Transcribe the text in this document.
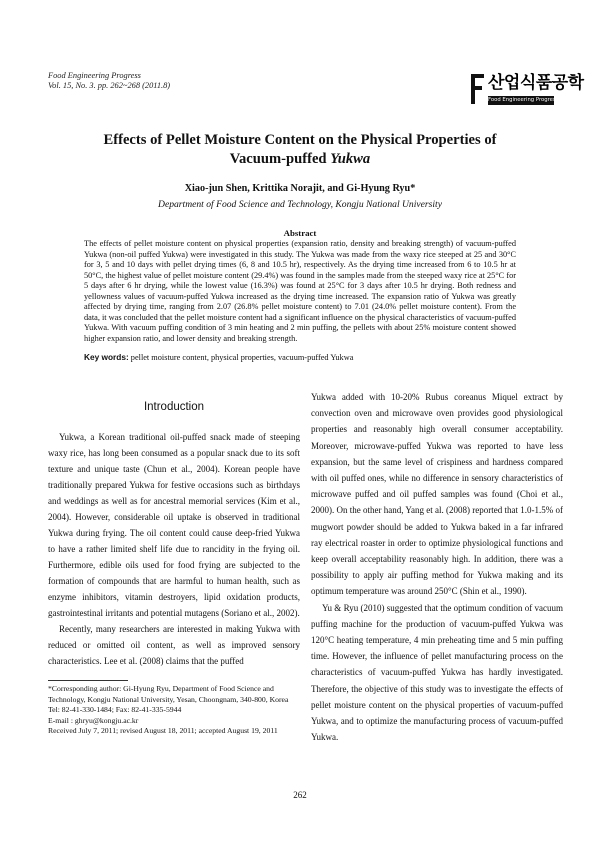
Food Engineering Progress
Vol. 15, No. 3. pp. 262~268 (2011.8)	산업식품공학
Food Engineering Progress
Effects of Pellet Moisture Content on the Physical Properties of
Vacuum-puffed Yukwa
Xiao-jun Shen, Krittika Norajit, and Gi-Hyung Ryu*
Department of Food Science and Technology, Kongju National University
Abstract
The effects of pellet moisture content on physical properties (expansion ratio, density and breaking strength) of vacuum-puffed Yukwa (non-oil puffed Yukwa) were investigated in this study. The Yukwa was made from the waxy rice steeped at 25 and 30°C for 3, 5 and 10 days with pellet drying times (6, 8 and 10.5 hr), respectively. As the drying time increased from 6 to 10.5 hr at 50°C, the highest value of pellet moisture content (29.4%) was found in the samples made from the steeped waxy rice at 25°C for 5 days after 6 hr drying, while the lowest value (16.3%) was found at 25°C for 3 days after 10.5 hr drying. Both redness and yellowness values of vacuum-puffed Yukwa increased as the drying time increased. The expansion ratio of Yukwa was greatly affected by drying time, ranging from 2.07 (26.8% pellet moisture content) to 7.01 (24.0% pellet moisture content). From the data, it was concluded that the pellet moisture content had a significant influence on the physical characteristics of vacuum-puffed Yukwa. With vacuum puffing condition of 3 min heating and 2 min puffing, the pellets with about 25% moisture content showed higher expansion ratio, and lower density and breaking strength.
Key words: pellet moisture content, physical properties, vacuum-puffed Yukwa
Introduction

Yukwa, a Korean traditional oil-puffed snack made of steeping waxy rice, has long been consumed as a popular snack due to its soft texture and unique taste (Chun et al., 2004). Korean people have traditionally prepared Yukwa for festive occasions such as birthdays and weddings as well as for ancestral memorial services (Kim et al., 2004). However, considerable oil uptake is observed in traditional Yukwa during frying. The oil content could cause deep-fried Yukwa to have a rather limited shelf life due to rancidity in the frying oil. Furthermore, edible oils used for food frying are subjected to the formation of compounds that are harmful to human health, such as enzyme inhibitors, vitamin destroyers, lipid oxidation products, gastrointestinal irritants and potential mutagens (Soriano et al., 2002).

Recently, many researchers are interested in making Yukwa with reduced or omitted oil content, as well as improved sensory characteristics. Lee et al. (2008) claims that the puffed

Yukwa added with 10-20% Rubus coreanus Miquel extract by convection oven and microwave oven provides good physiological properties and reasonably high overall consumer acceptability. Moreover, microwave-puffed Yukwa was reported to have less expansion, but the same level of crispiness and hardness compared with oil puffed ones, while no difference in sensory characteristics of microwave puffed and oil puffed samples was found (Choi et al., 2000). On the other hand, Yang et al. (2008) reported that 1.0-1.5% of mugwort powder should be added to Yukwa baked in a far infrared ray electrical roaster in order to optimize physiological functions and keep overall acceptability reasonably high. In addition, there was a possibility to apply air puffing method for Yukwa making and its optimum temperature was around 250°C (Shin et al., 1990).

Yu & Ryu (2010) suggested that the optimum condition of vacuum puffing machine for the production of vacuum-puffed Yukwa was 120°C heating temperature, 4 min preheating time and 5 min puffing time. However, the influence of pellet manufacturing process on the characteristics of vacuum-puffed Yukwa has hardly investigated. Therefore, the objective of this study was to investigate the effects of pellet moisture content on the physical properties of vacuum-puffed Yukwa, and to optimize the manufacturing process of vacuum-puffed Yukwa.

*Corresponding author: Gi-Hyung Ryu, Department of Food Science and Technology, Kongju National University, Yesan, Choongnam, 340-800, Korea
Tel: 82-41-330-1484; Fax: 82-41-335-5944
E-mail : ghryu@kongju.ac.kr
Received July 7, 2011; revised August 18, 2011; accepted August 19, 2011
262
